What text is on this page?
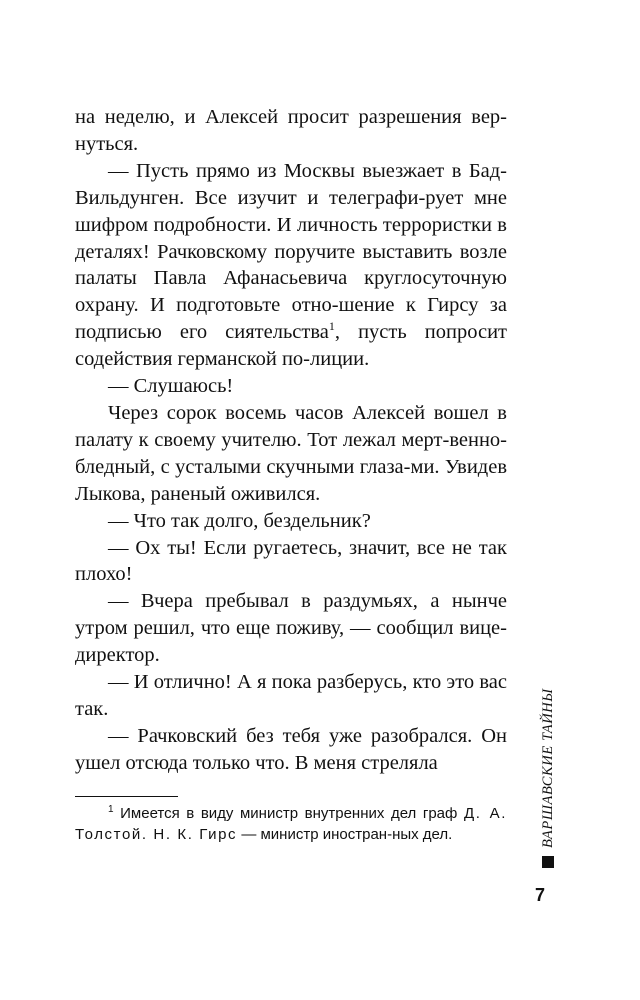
на неделю, и Алексей просит разрешения вер-нуться.

— Пусть прямо из Москвы выезжает в Бад-Вильдунген. Все изучит и телеграфи-рует мне шифром подробности. И личность террористки в деталях! Рачковскому поручите выставить возле палаты Павла Афанасьевича круглосуточную охрану. И подготовьте отно-шение к Гирсу за подписью его сиятельства$^1$, пусть попросит содействия германской по-лиции.

— Слушаюсь!

Через сорок восемь часов Алексей вошел в палату к своему учителю. Тот лежал мерт-венно-бледный, с усталыми скучными глаза-ми. Увидев Лыкова, раненый оживился.

— Что так долго, бездельник?

— Ох ты! Если ругаетесь, значит, все не так плохо!

— Вчера пребывал в раздумьях, а нынче утром решил, что еще поживу, — сообщил вице-директор.

— И отлично! А я пока разберусь, кто это вас так.

— Рачковский без тебя уже разобрался. Он ушел отсюда только что. В меня стреляла

$^1$ Имеется в виду министр внутренних дел граф Д. А. Толстой. Н. К. Гирс — министр иностран-ных дел.	ВАРШАВСКИЕ ТАЙНЫ
7
